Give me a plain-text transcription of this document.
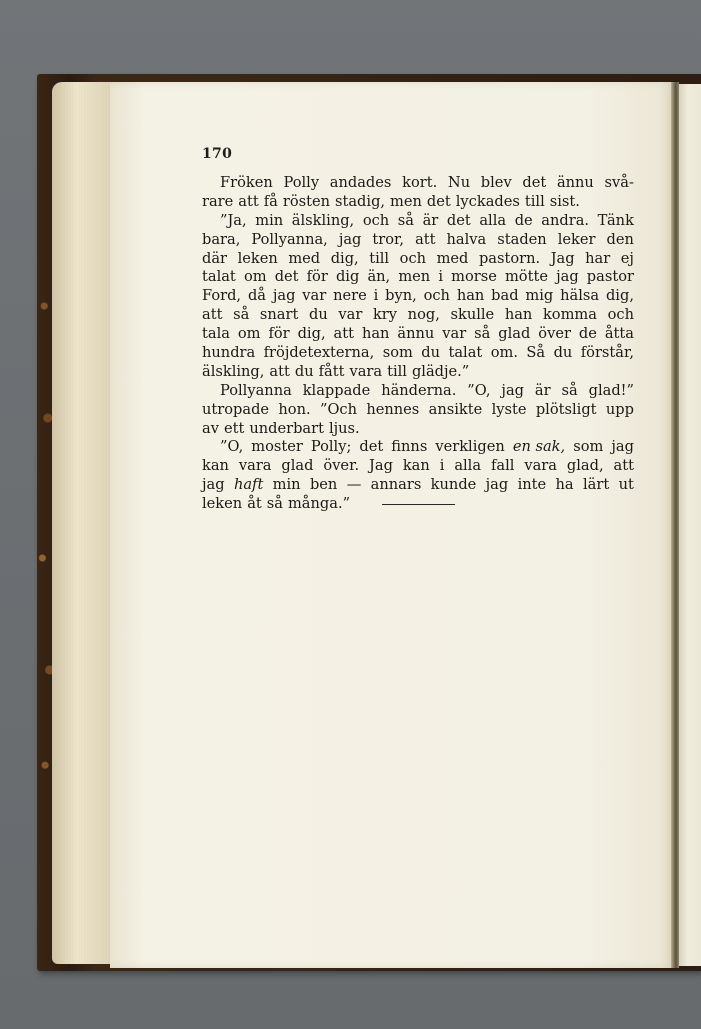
170
Fröken Polly andades kort. Nu blev det ännu svå-
rare att få rösten stadig, men det lyckades till sist.
”Ja, min älskling, och så är det alla de andra. Tänk
bara, Pollyanna, jag tror, att halva staden leker den
där leken med dig, till och med pastorn. Jag har ej
talat om det för dig än, men i morse mötte jag pastor
Ford, då jag var nere i byn, och han bad mig hälsa dig,
att så snart du var kry nog, skulle han komma och
tala om för dig, att han ännu var så glad över de åtta
hundra fröjdetexterna, som du talat om. Så du förstår,
älskling, att du fått vara till glädje.”
Pollyanna klappade händerna. ”O, jag är så glad!”
utropade hon. ”Och hennes ansikte lyste plötsligt upp
av ett underbart ljus.
”O, moster Polly; det finns verkligen en sak, som jag
kan vara glad över. Jag kan i alla fall vara glad, att
jag haft min ben — annars kunde jag inte ha lärt ut
leken åt så många.”
